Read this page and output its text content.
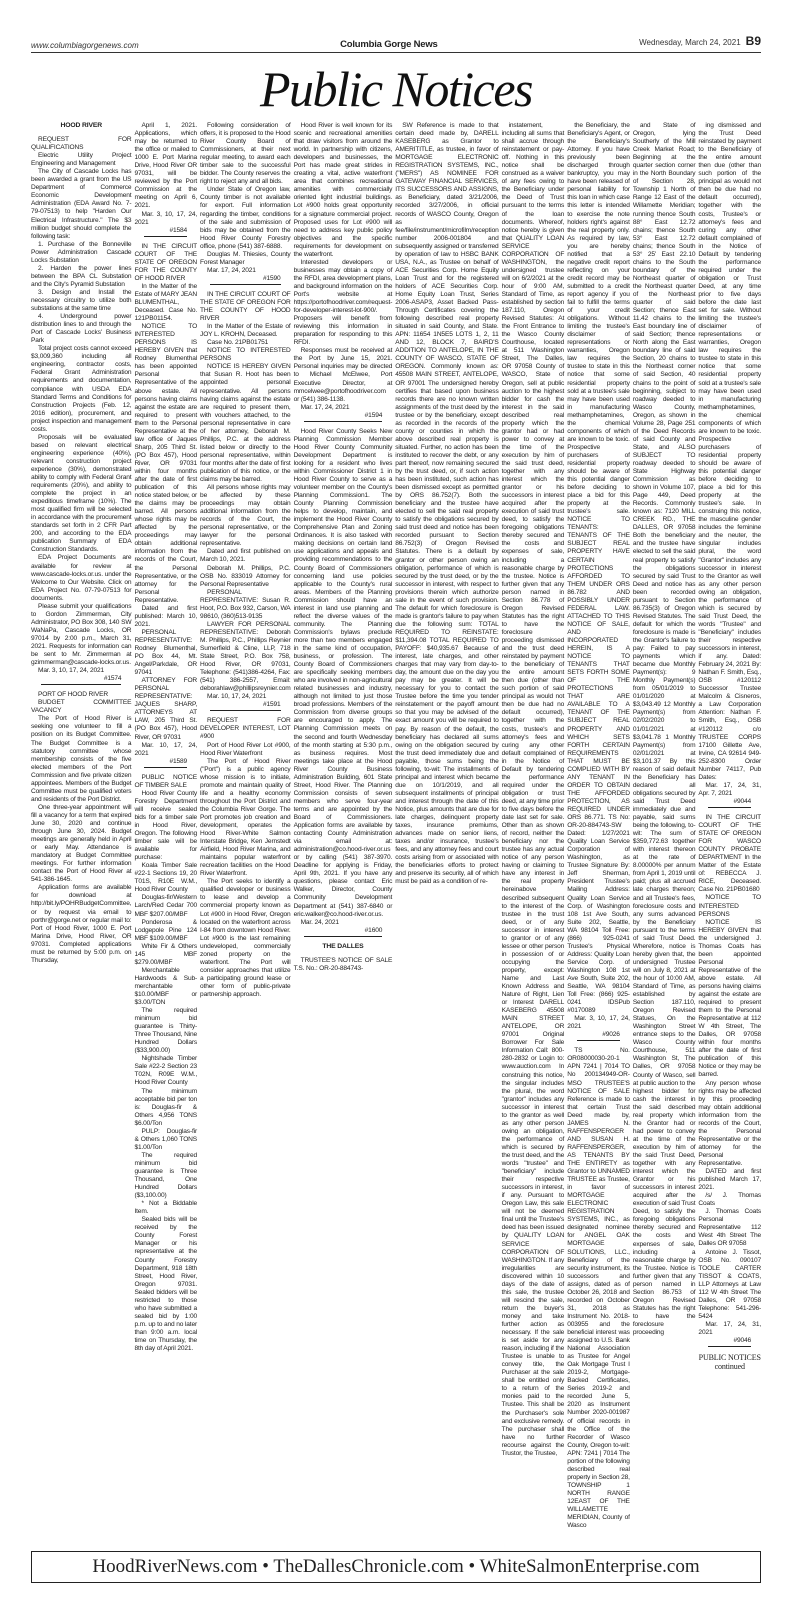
www.columbiagorgenews.com	Columbia Gorge News	Wednesday, March 24, 2021 B9
Public Notices

HOOD RIVER

REQUEST FOR QUALIFICATIONS

Electric Utility Project Engineering and Management

The City of Cascade Locks has been awarded a grant from the US Department of Commerce Economic Development Administration (EDA Award No. 7-79-07513) to help "Harden Our Electrical Infrastructure." The $3 million budget should complete the following task:

1. Purchase of the Bonneville Power Administration Cascade Locks Substation

2. Harden the power lines between the BPA CL Substation and the City's Pyramid Substation

3. Design and Install the necessary circuitry to utilize both substations at the same time

4. Underground power distribution lines to and through the Port of Cascade Locks' Business Park

Total project costs cannot exceed $3,009,360 including all engineering, contractor costs, Federal Grant Administration requirements and documentation, compliance with USDA EDA Standard Terms and Conditions for Construction Projects (Feb. 12, 2016 edition), procurement, and project inspection and management costs.

Proposals will be evaluated based on relevant electrical engineering experience (40%), relevant construction project experience (30%), demonstrated ability to comply with Federal Grant requirements (20%), and ability to complete the project in an expeditious timeframe (10%). The most qualified firm will be selected in accordance with the procurement standards set forth in 2 CFR Part 200, and according to the EDA publication Summary of EDA Construction Standards.

EDA Project Documents are available for review at www.cascade-locks.or.us. under the Welcome to Our Website. Click on EDA Project No. 07-79-07513 for documents.

Please submit your qualifications to Gordon Zimmerman, City Administrator, PO Box 308, 140 SW WaNaPa, Cascade Locks, OR 97014 by 2:00 p.m., March 31, 2021. Requests for information can be sent to Mr. Zimmerman at gzimmerman@cascade-locks.or.us.

Mar. 3, 10, 17, 24, 2021

#1574

PORT OF HOOD RIVER

BUDGET COMMITTEE VACANCY

The Port of Hood River is seeking one volunteer to fill a position on its Budget Committee. The Budget Committee is a statutory committee whose membership consists of the five elected members of the Port Commission and five private citizen appointees. Members of the Budget Committee must be qualified voters and residents of the Port District.

One three-year appointment will fill a vacancy for a term that expired June 30, 2020 and continue through June 30, 2024. Budget meetings are generally held in April or early May. Attendance is mandatory at Budget Committee meetings. For further information contact the Port of Hood River at 541-386-1645.

Application forms are available for download at http://bit.ly/POHRBudgetCommittee, or by request via email to porthr@gorge.net or regular mail to: Port of Hood River, 1000 E. Port Marina Drive, Hood River, OR 97031. Completed applications must be returned by 5:00 p.m. on Thursday,

April 1, 2021. Applications, which may be returned to the office or mailed to 1000 E. Port Marina Drive, Hood River OR 97031, will be reviewed by the Port Commission at the meeting on April 6, 2021.

Mar. 3, 10, 17, 24, 2021

#1584

IN THE CIRCUIT COURT OF THE STATE OF OREGON FOR THE COUNTY OF HOOD RIVER

In the Matter of the Estate of MARY JEAN BLUMENTHAL, Deceased. Case No. 121PB01154.

NOTICE TO INTERESTED PERSONS IS HEREBY GIVEN that Rodney Blumenthal has been appointed Personal Representative of the above estate. All persons having claims against the estate are required to present them to the Personal Representative at the law office of Jaques Sharp, 205 Third St. (PO Box 457), Hood River, OR 97031 within four months after the date of first publication of this notice stated below, or the claims may be barred. All persons whose rights may be affected by the proceedings may obtain additional information from the records of the Court, the Personal Representative, or the attorney for the Personal Representative.

Dated and first published: March 10, 2021.

PERSONAL REPRESENTATIVE: Rodney Blumenthal, PO Box 44, Mt. Angel/Parkdale, OR 97041

ATTORNEY FOR PERSONAL REPRESENTATIVE: JAQUES SHARP, ATTORNEYS AT LAW, 205 Third St. (PO Box 457), Hood River, OR 97031

Mar. 10, 17, 24, 2021

#1589

PUBLIC NOTICE OF TIMBER SALE

Hood River County Forestry Department will receive sealed bids for a timber sale in Hood River, Oregon. The following timber sale will be available for purchase:

Koala Timber Sale #22-1 Sections 19, 20 T01S, R10E W.M., Hood River County

Douglas-fir/Western Larch/Red Cedar 700 MBF $207.00/MBF

Ponderosa & Lodgepole Pine 124 MBF $109.00/MBF

White Fir & Others 145 MBF $279.00/MBF

Merchantable Hardwoods & Sub-merchantable $10.00/MBF or $3.00/TON

The required minimum bid guarantee is Thirty-Three Thousand, Nine Hundred Dollars ($33,900.00)

Nightshade Timber Sale #22-2 Section 23 T02N, R09E W.M., Hood River County

The minimum acceptable bid per ton is: Douglas-fir & Others 4,956 TONS $6.00/Ton

PULP: Douglas-fir & Others 1,060 TONS $1.00/Ton

The required minimum bid guarantee is Three Thousand, One Hundred Dollars ($3,100.00)

* Not a Biddable Item.

Sealed bids will be received by the County Forest Manager or his representative at the County Forestry Department, 918 18th Street, Hood River, Oregon 97031. Sealed bidders will be restricted to those who have submitted a sealed bid by 1:00 p.m. up to and no later than 9:00 a.m. local time on Thursday, the 8th day of April 2021.

Following consideration of offers, it is proposed to the Hood River County Board of Commissioners, at their next regular meeting, to award each timber sale to the successful bidder. The County reserves the right to reject any and all bids.

Under State of Oregon law, County timber is not available for export. Full information regarding the timber, conditions of the sale and submission of bids may be obtained from the Hood River County Forestry office, phone (541) 387-6888.

Douglas M. Thiesies, County Forest Manager

Mar. 17, 24, 2021

#1590

IN THE CIRCUIT COURT OF THE STATE OF OREGON FOR THE COUNTY OF HOOD RIVER

In the Matter of the Estate of JOY L. KROHN, Deceased.

Case No. 21PB01751

NOTICE TO INTERESTED PERSONS

NOTICE IS HEREBY GIVEN that Susan R. Hoot has been appointed personal representative. All persons having claims against the estate are required to present them, with vouchers attached, to the personal representative in care of her attorney, Deborah M. Phillips, P.C. at the address listed below or directly to the personal representative, within four months after the date of first publication of this notice, or the claims may be barred.

All persons whose rights may be affected by these proceedings may obtain additional information from the records of the Court, the personal representative, or the lawyer for the personal representative.

Dated and first published on March 10, 2021.

Deborah M. Phillips, P.C. OSB No. 833019 Attorney for Personal Representative

PERSONAL REPRESENTATIVE: Susan R. Hoot, P.O. Box 932, Carson, WA 98610, (360)513-9135

LAWYER FOR PERSONAL REPRESENTATIVE: Deborah M. Phillips, P.C., Phillips Reynier Sumerfield & Cline, LLP, 718 State Street, P.O. Box 758, Hood River, OR 97031, Telephone: (541)386-4264, Fax: (541) 386-2557, Email: deborahlaw@phillipsreynier.com

Mar. 10, 17, 24, 2021

#1591

REQUEST FOR DEVELOPER INTEREST, LOT #900

Port of Hood River Lot #900, Hood River Waterfront

The Port of Hood River ("Port") is a public agency whose mission is to initiate, promote and maintain quality of life and a healthy economy throughout the Port District and the Columbia River Gorge. The Port promotes job creation and development, operates the Hood River-White Salmon Interstate Bridge, Ken Jernstedt Airfield, Hood River Marina, and maintains popular waterfront recreation facilities on the Hood River Waterfront.

The Port seeks to identify a qualified developer or business to lease and develop a commercial property known as Lot #900 in Hood River, Oregon located on the waterfront across I-84 from downtown Hood River. Lot #900 is the last remaining undeveloped, commercially zoned property on the waterfront. The Port will consider approaches that utilize a participating ground lease or other form of public-private partnership approach.

Hood River is well known for its scenic and recreational amenities that draw visitors from around the world. In partnership with citizens, developers and businesses, the Port has made great strides in creating a vital, active waterfront area that combines recreational amenities with commercially oriented light industrial buildings. Lot #900 holds great opportunity for a signature commercial project. Proposed uses for Lot #900 will need to address key public policy objectives and the specific requirements for development on the waterfront.

Interested developers or businesses may obtain a copy of the RFDI, area development plans, and background information on the Port's website at https://portofhoodriver.com/request-for-developer-interest-lot-900/. Proposers will benefit from reviewing this information in preparation for responding to this RFDI.

Responses must be received at the Port by June 15, 2021. Personal inquiries may be directed to Michael McElwee, Port Executive Director, at mmcelwee@portofhoodriver.com or (541) 386-1138.

Mar. 17, 24, 2021

#1594

Hood River County Seeks New Planning Commission Member Hood River County Community Development Department is looking for a resident who lives within Commissioner District 1 in Hood River County to serve as a volunteer member on the County's Planning Commission1. The County Planning Commission helps to develop, maintain, and implement the Hood River County Comprehensive Plan and Zoning Ordinances. It is also tasked with making decisions on certain land use applications and appeals and providing recommendations to the County Board of Commissioners concerning land use policies applicable to the County's rural areas. Members of the Planning Commission should have an interest in land use planning and reflect the diverse values of the community. The Planning Commission's bylaws preclude more than two members engaged in the same kind of occupation, business, or profession. The County Board of Commissioners are specifically seeking members who are involved in non-agricultural related businesses and industry, although not limited to just those broad professions. Members of the Commission from diverse groups are encouraged to apply. The Planning Commission meets on the second and fourth Wednesday of the month starting at 5:30 p.m., as business requires. Most meetings take place at the Hood River County Business Administration Building, 601 State Street, Hood River. The Planning Commission consists of seven members who serve four-year terms and are appointed by the Board of Commissioners. Application forms are available by contacting County Administration via email at: administration@co.hood-river.or.us or by calling (541) 387-3970. Deadline for applying is Friday, April 9th, 2021. If you have any questions, please contact Eric Walker, Director, County Community Development Department at (541) 387-6840 or eric.walker@co.hood-river.or.us.

Mar. 24, 2021

#1600

THE DALLES

TRUSTEE'S NOTICE OF SALE T.S. No.: OR-20-884743-

SW Reference is made to that certain deed made by, DARELL KASEBERG as Grantor to AMERITITLE, as trustee, in favor of MORTGAGE ELECTRONIC REGISTRATION SYSTEMS, INC., ("MERS") AS NOMINEE FOR GATEWAY FINANCIAL SERVICES, ITS SUCCESSORS AND ASSIGNS, as Beneficiary, dated 3/21/2006, recorded 3/27/2006, in official records of WASCO County, Oregon as fee/file/instrument/microfilm/reception number 2006-001804 and subsequently assigned or transferred by operation of law to HSBC BANK USA, N.A., as Trustee on behalf of ACE Securities Corp. Home Equity Loan Trust and for the registered holders of ACE Securities Corp. Home Equity Loan Trust, Series 2006-ASAP3, Asset Backed Pass-Through Certificates covering the following described real property situated in said County, and State. APN: 11654 1N5E5 LOTS 1, 2, 11 AND 12, BLOCK 7, BAIRD'S ADDITION TO ANTELOPE, IN THE COUNTY OF WASCO, STATE OF OREGON. Commonly known as: 45508 MAIN STREET, ANTELOPE, OR 97001 The undersigned hereby certifies that based upon business records there are no known written assignments of the trust deed by the trustee or by the beneficiary, except as recorded in the records of the county or counties in which the above described real property is situated. Further, no action has been instituted to recover the debt, or any part thereof, now remaining secured by the trust deed, or, if such action has been instituted, such action has been dismissed except as permitted by ORS 86.752(7). Both the beneficiary and the trustee have elected to sell the said real property to satisfy the obligations secured by said trust deed and notice has been recorded pursuant to Section 86.752(3) of Oregon Revised Statutes. There is a default by grantor or other person owing an obligation, performance of which is secured by the trust deed, or by the successor in interest, with respect to provisions therein which authorize sale in the event of such provision. The default for which foreclosure is made is grantor's failure to pay when due the following sum: TOTAL REQUIRED TO REINSTATE: $11,394.08 TOTAL REQUIRED TO PAYOFF: $40,935.67 Because of interest, late charges, and other charges that may vary from day-to-day, the amount due on the day you pay may be greater. It will be necessary for you to contact the Trustee before the time you tender reinstatement or the payoff amount so that you may be advised of the exact amount you will be required to pay. By reason of the default, the beneficiary has declared all sums owing on the obligation secured by the trust deed immediately due and payable, those sums being the following, to-wit: The installments of principal and interest which became due on 10/1/2019, and all subsequent installments of principal and interest through the date of this Notice, plus amounts that are due for late charges, delinquent property taxes, insurance premiums, advances made on senior liens, taxes and/or insurance, trustee's fees, and any attorney fees and court costs arising from or associated with the beneficiaries efforts to protect and preserve its security, all of which must be paid as a condition of re-

instatement, including all sums that shall accrue through reinstatement or pay-off. Nothing in this notice shall be construed as a waiver of any fees owing to the Beneficiary under the Deed of Trust pursuant to the terms of the loan documents. Whereof, notice hereby is given that QUALITY LOAN SERVICE CORPORATION OF WASHINGTON, the undersigned trustee will on 6/2/2021 at the hour of 9:00 AM, Standard of Time, as established by section 187.110, Oregon Revised Statutes: At the Front Entrance to the Wasco County Courthouse, located at 511 Washington Street, The Dalles, OR 97058 County of WASCO, State of Oregon, sell at public auction to the highest bidder for cash the interest in the said described real property which the grantor had or had power to convey at the time of the execution by him of the said trust deed, together with any interest which the grantor or his successors in interest acquired after the execution of said trust deed, to satisfy the foregoing obligations thereby secured and the costs and expenses of sale, including a reasonable charge by the trustee. Notice is further given that any person named in Section 86.778 of Oregon Revised Statutes has the right to have the foreclosure proceeding dismissed and the trust deed reinstated by payment to the beneficiary of the entire amount then due (other than such portion of said principal as would not then be due had no default occurred), together with the costs, trustee's and attorney's fees and curing any other default complained of in the Notice of Default by tendering the performance required under the obligation or trust deed, at any time prior to five days before the date last set for sale. Other than as shown of record, neither the beneficiary nor the trustee has any actual notice of any person having or claiming to have any interest in the real property hereinabove described subsequent to the interest of the trustee in the trust deed, or of any successor in interest to grantor or of any lessee or other person in possession of or occupying the property, except: Name and Last Known Address and Nature of Right, Lien or Interest DARELL KASEBERG 45508 MAIN STREET ANTELOPE, OR 97001 Original Borrower For Sale Information Call: 800-280-2832 or Login to: www.auction.com In construing this notice, the singular includes the plural, the word "grantor" includes any successor in interest to the grantor as well as any other person owing an obligation, the performance of which is secured by the trust deed, and the words "trustee" and "beneficiary" include their respective successors in interest, if any. Pursuant to Oregon Law, this sale will not be deemed final until the Trustee's deed has been issued by QUALITY LOAN SERVICE CORPORATION OF WASHINGTON. If any irregularities are discovered within 10 days of the date of this sale, the trustee will rescind the sale, return the buyer's money and take further action as necessary. If the sale is set aside for any reason, including if the Trustee is unable to convey title, the Purchaser at the sale shall be entitled only to a return of the monies paid to the Trustee. This shall be the Purchaser's sole and exclusive remedy. The purchaser shall have no further recourse against the Trustor, the Trustee,

the Beneficiary, the Beneficiary's Agent, or the Beneficiary's Attorney. If you have previously been discharged through bankruptcy, you may have been released of personal liability for this loan in which case this letter is intended to exercise the note holders right's against the real property only. As required by law, you are hereby notified that a negative credit report reflecting on your credit record may be submitted to a credit report agency if you fail to fulfill the terms of your credit obligations. Without limiting the trustee's disclaimer of representations or warranties, Oregon law requires the trustee to state in this notice that some residential property sold at a trustee's sale may have been used in manufacturing methamphetamines, the chemical components of which are known to be toxic. Prospective purchasers of residential property should be aware of this potential danger before deciding to place a bid for this property at the trustee's sale. NOTICE TO TENANTS: TENANTS OF THE SUBJECT REAL PROPERTY HAVE CERTAIN PROTECTIONS AFFORDED TO THEM UNDER ORS 86.782 AND POSSIBLY UNDER FEDERAL LAW. ATTACHED TO THIS NOTICE OF SALE, AND INCORPORATED HEREIN, IS A NOTICE TO TENANTS THAT SETS FORTH SOME OF THE PROTECTIONS THAT ARE AVAILABLE TO A TENANT OF THE SUBJECT REAL PROPERTY AND WHICH SETS FORTH CERTAIN REQUIREMENTS THAT MUST BE COMPLIED WITH BY ANY TENANT IN ORDER TO OBTAIN THE AFFORDED PROTECTION, AS REQUIRED UNDER ORS 86.771. TS No: OR-20-884743-SW Dated: 1/27/2021 Quality Loan Service Corporation of Washington, as Trustee Signature By: Jeff Sherman, President Trustee's Mailing Address: Quality Loan Service Corp. of Washington 108 1st Ave South, Suite 202, Seattle, WA 98104 Toll Free: (866) 925-0241 Trustee's Physical Address: Quality Loan Service Corp. of Washington 108 1st Ave South, Suite 202, Seattle, WA 98104 Toll Free: (866) 925-0241 IDSPub #0170089

Mar. 3, 10, 17, 24, 2021

#9026

TS No. OR08000030-20-1 APN 7241 | 7014 TO No 200134949-OR-MSO TRUSTEE'S NOTICE OF SALE Reference is made to that certain Trust Deed made by, JAMES N. RAFFENSPERGER AND SUSAN H. RAFFENSPERGER, AS TENANTS BY THE ENTIRETY as Grantor to UNNAMED TRUSTEE as Trustee, in favor of MORTGAGE ELECTRONIC REGISTRATION SYSTEMS, INC., as designated nominee for ANGEL OAK MORTGAGE SOLUTIONS, LLC., Beneficiary of the security instrument, its successors and assigns, dated as of October 26, 2018 and recorded on October 31, 2018 as Instrument No. 2018-003955 and the beneficial interest was assigned to U.S. Bank National Association as Trustee for Angel Oak Mortgage Trust I 2019-2, Mortgage-Backed Certificates, Series 2019-2 and recorded June 5, 2020 as Instrument Number 2020-001987 of official records in the Office of the Recorder of Wasco County, Oregon to-wit: APN: 7241 | 7014 The portion of the following described real property in Section 28, TOWNSHIP 1 NORTH RANGE 12EAST OF THE WILLAMETTE MERIDIAN, County of Wasco

and State of Oregon, lying Southerly of the Mill Creek Market Road; Beginning at the quarter section corner in the North Boundary of Section 28, Township 1 North of Range 12 East of the Willamette Meridian; running thence South 88° East 12.72 chains; thence South 53° East 12.72 chains; thence South 53° 25' East 22.10 chains to the South boundary of the Northeast quarter of the Northeast quarter of the Northeast quarter of said Section; thence East 11.42 chains to the East boundary line of said Section; thence North along the East boundary line of said Section, 20 chains to the Northeast corner of said Section, 40 chains to the point of beginning, subject to roadway deeded to Wasco County, Oregon, as shown in Volume 28, Page 251 of the Deed Records of said County and State, and ALSO SUBJECT TO roadway deeded to State Highway Commission as shown in Volume 107, Page 449, Deed Records. Commonly known as: 7120 MILL CREEK RD., THE DALLES, OR 97058 Both the beneficiary and the trustee have elected to sell the said real property to satisfy the obligations secured by said Trust Deed and notice has been recorded pursuant to Section 86.735(3) of Oregon Revised Statutes. The default for which the foreclosure is made is the Grantor's failure to pay: Failed to pay payments which became due Monthly Payment(s): 9 Monthly Payment(s) from 05/01/2019 to 01/01/2020 at $3,043.49 12 Monthly Payment(s) from 02/02/2020 to 01/01/2021 at $3,041.78 1 Monthly Payment(s) from 02/01/2021 at $3,101.37 By this reason of said default the Beneficiary has declared all obligations secured by said Trust Deed immediately due and payable, said sums being the following, to-wit: The sum of $359,772.63 together with interest thereon at the rate of 8.00000% per annum from April 1, 2019 until paid; plus all accrued late charges thereon; and all Trustee's fees, foreclosure costs and any sums advanced by the Beneficiary pursuant to the terms of said Trust Deed. Wherefore, notice is hereby given that, the undersigned Trustee will on July 8, 2021 at the hour of 10:00 AM, Standard of Time, as established by Section 187.110, Oregon Revised Statues, On the Washington Street entrance steps to the Wasco County Courthouse, 511 Washington St, The Dalles, OR 97058 County of Wasco, sell at public auction to the highest bidder for cash the interest in the said described real property which the Grantor had or had power to convey at the time of the execution by him of the said Trust Deed, together with any interest which the Grantor or his successors in interest acquired after the execution of said Trust Deed, to satisfy the foregoing obligations thereby secured and the costs and expenses of sale, including a reasonable charge by the Trustee. Notice is further given that any person named in Section 86.753 of Oregon Revised Statutes has the right to have the foreclosure proceeding

ing dismissed and the Trust Deed reinstated by payment to the Beneficiary of the entire amount then due (other than such portion of the principal as would not then be due had no default occurred), together with the costs, Trustee's or attorney's fees and curing any other default complained of in the Notice of Default by tendering the performance required under the obligation or Trust Deed, at any time prior to five days before the date last set for sale. Without limiting the trustee's disclaimer of representations or warranties, Oregon law requires the trustee to state in this notice that some residential property sold at a trustee's sale may have been used in manufacturing methamphetamines, the chemical components of which are known to be toxic. Prospective purchasers of residential property should be aware of this potential danger before deciding to place a bid for this property at the trustee's sale. In construing this notice, the masculine gender includes the feminine and the neuter, the singular includes plural, the word "Grantor" includes any successor in interest to the Grantor as well as any other person owing an obligation, the performance of which is secured by said Trust Deed, the words "Trustee" and "Beneficiary" includes their respective successors in interest, if any. Dated: February 24, 2021 By: Nathan F. Smith, Esq., OSB #120112 Successor Trustee Malcolm & Cisneros, a Law Corporation Attention: Nathan F. Smith, Esq., OSB #120112 c/o TRUSTEE CORPS 17100 Gillette Ave, Irvine, CA 92614 949-252-8300 Order Number 74117, Pub Dates:

Mar. 17, 24, 31, Apr. 7, 2021

#9044

IN THE CIRCUIT COURT OF THE STATE OF OREGON FOR WASCO COUNTY PROBATE DEPARTMENT In the Matter of the Estate of: REBECCA J. RICE, Deceased. Case No. 21PB01680

NOTICE TO INTERESTED PERSONS

NOTICE IS HEREBY GIVEN that the undersigned J. Thomas Coats has been appointed Personal Representative of the above estate. All persons having claims against the estate are required to present them to the Personal Representative at 112 W 4th Street, The Dalles, OR 97058 within four months after the date of first publication of this Notice or they may be barred.

Any person whose rights may be affected by this proceeding may obtain additional information from the records of the Court, the Personal Representative or the attorney for the Personal Representative.

DATED and first published March 17, 2021.

/s/ J. Thomas Coats

J. Thomas Coats Personal Representative 112 West 4th Street The Dalles OR 97058

Antoine J. Tissot, OSB No. 090107 TOOLE CARTER TISSOT & COATS, LLP Attorneys at Law 112 W 4th Street The Dalles, OR 97058 Telephone: 541-296-5424

Mar. 17, 24, 31, 2021

#9046

PUBLIC NOTICES continued

HoodRiverNews.com • TheDallesChronicle.com • WhiteSalmonEnterprise.com
